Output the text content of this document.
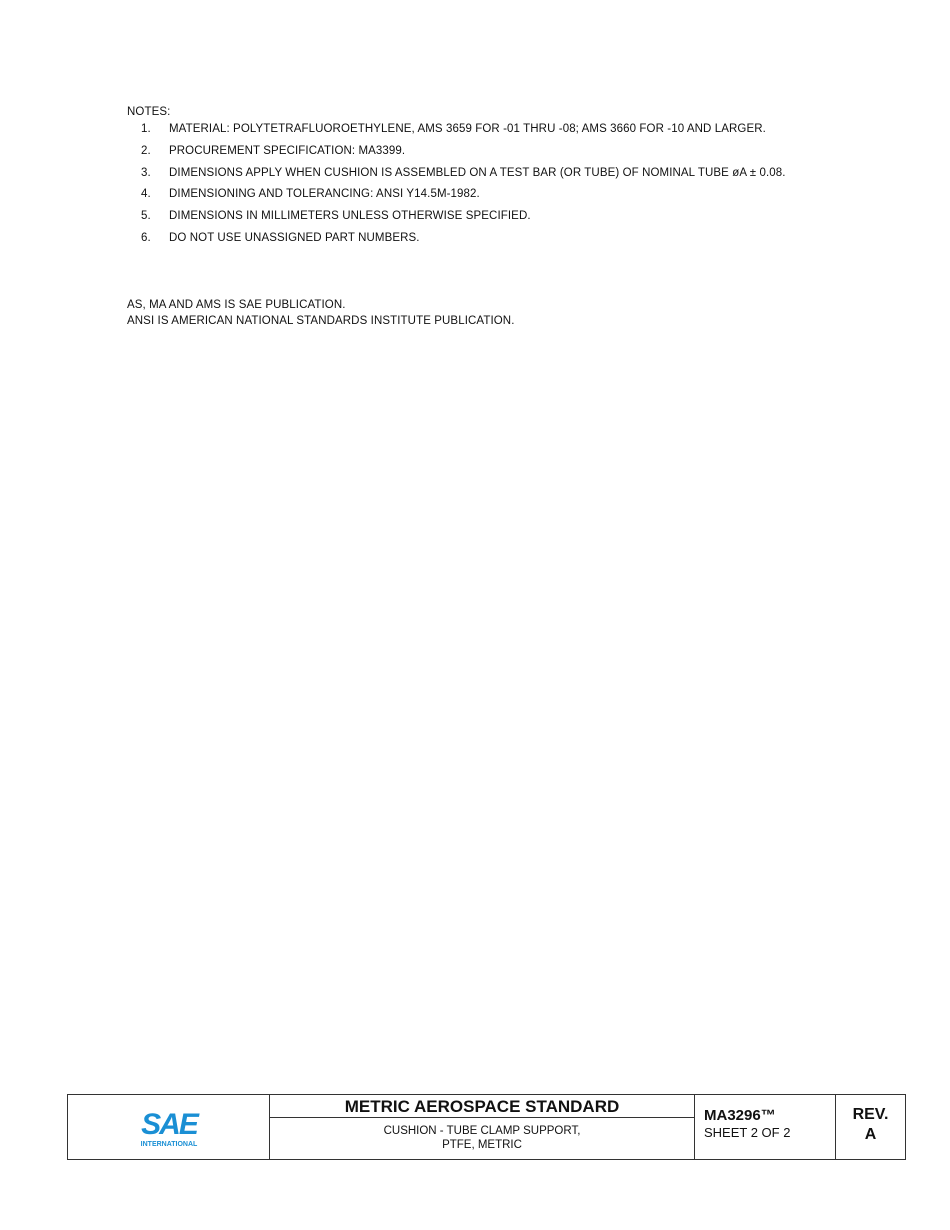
NOTES:
1.	MATERIAL: POLYTETRAFLUOROETHYLENE, AMS 3659 FOR -01 THRU -08; AMS 3660 FOR -10 AND LARGER.
2.	PROCUREMENT SPECIFICATION: MA3399.
3.	DIMENSIONS APPLY WHEN CUSHION IS ASSEMBLED ON A TEST BAR (OR TUBE) OF NOMINAL TUBE øA ± 0.08.
4.	DIMENSIONING AND TOLERANCING: ANSI Y14.5M-1982.
5.	DIMENSIONS IN MILLIMETERS UNLESS OTHERWISE SPECIFIED.
6.	DO NOT USE UNASSIGNED PART NUMBERS.
AS, MA AND AMS IS SAE PUBLICATION.
ANSI IS AMERICAN NATIONAL STANDARDS INSTITUTE PUBLICATION.
SAE
INTERNATIONAL
METRIC AEROSPACE STANDARD
CUSHION - TUBE CLAMP SUPPORT,
PTFE, METRIC
MA3296™
SHEET 2 OF 2
REV.
A
